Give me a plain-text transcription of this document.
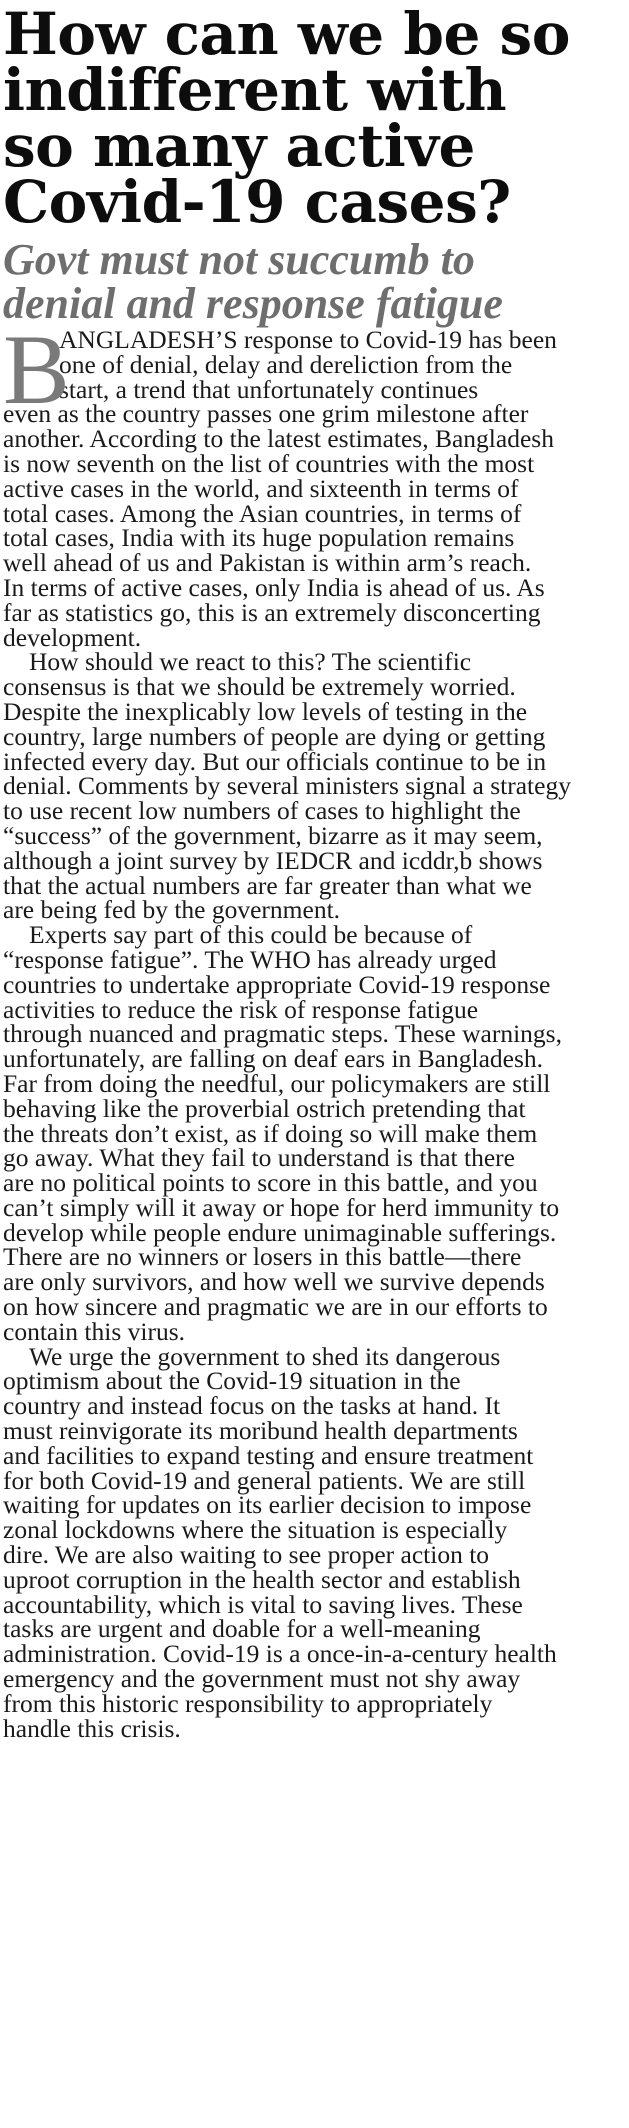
How can we be so
indifferent with
so many active
Covid-19 cases?
Govt must not succumb to
denial and response fatigue

B
ANGLADESH’S response to Covid-19 has been
one of denial, delay and dereliction from the
start, a trend that unfortunately continues
even as the country passes one grim milestone after
another. According to the latest estimates, Bangladesh
is now seventh on the list of countries with the most
active cases in the world, and sixteenth in terms of
total cases. Among the Asian countries, in terms of
total cases, India with its huge population remains
well ahead of us and Pakistan is within arm’s reach.
In terms of active cases, only India is ahead of us. As
far as statistics go, this is an extremely disconcerting
development.

How should we react to this? The scientific
consensus is that we should be extremely worried.
Despite the inexplicably low levels of testing in the
country, large numbers of people are dying or getting
infected every day. But our officials continue to be in
denial. Comments by several ministers signal a strategy
to use recent low numbers of cases to highlight the
“success” of the government, bizarre as it may seem,
although a joint survey by IEDCR and icddr,b shows
that the actual numbers are far greater than what we
are being fed by the government.

Experts say part of this could be because of
“response fatigue”. The WHO has already urged
countries to undertake appropriate Covid-19 response
activities to reduce the risk of response fatigue
through nuanced and pragmatic steps. These warnings,
unfortunately, are falling on deaf ears in Bangladesh.
Far from doing the needful, our policymakers are still
behaving like the proverbial ostrich pretending that
the threats don’t exist, as if doing so will make them
go away. What they fail to understand is that there
are no political points to score in this battle, and you
can’t simply will it away or hope for herd immunity to
develop while people endure unimaginable sufferings.
There are no winners or losers in this battle—there
are only survivors, and how well we survive depends
on how sincere and pragmatic we are in our efforts to
contain this virus.

We urge the government to shed its dangerous
optimism about the Covid-19 situation in the
country and instead focus on the tasks at hand. It
must reinvigorate its moribund health departments
and facilities to expand testing and ensure treatment
for both Covid-19 and general patients. We are still
waiting for updates on its earlier decision to impose
zonal lockdowns where the situation is especially
dire. We are also waiting to see proper action to
uproot corruption in the health sector and establish
accountability, which is vital to saving lives. These
tasks are urgent and doable for a well-meaning
administration. Covid-19 is a once-in-a-century health
emergency and the government must not shy away
from this historic responsibility to appropriately
handle this crisis.
